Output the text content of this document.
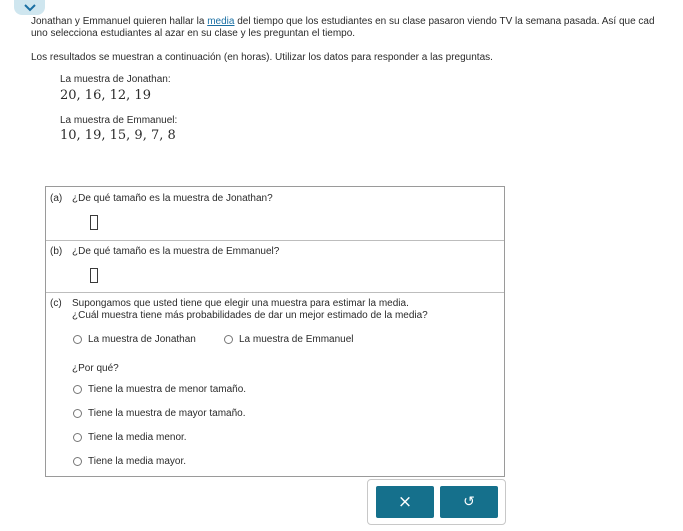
Jonathan y Emmanuel quieren hallar la media del tiempo que los estudiantes en su clase pasaron viendo TV la semana pasada. Así que cad
uno selecciona estudiantes al azar en su clase y les preguntan el tiempo.
Los resultados se muestran a continuación (en horas). Utilizar los datos para responder a las preguntas.
La muestra de Jonathan:
20, 16, 12, 19
La muestra de Emmanuel:
10, 19, 15, 9, 7, 8
(a) ¿De qué tamaño es la muestra de Jonathan?
(b) ¿De qué tamaño es la muestra de Emmanuel?
(c) Supongamos que usted tiene que elegir una muestra para estimar la media.
¿Cuál muestra tiene más probabilidades de dar un mejor estimado de la media?
La muestra de Jonathan	La muestra de Emmanuel
¿Por qué?
Tiene la muestra de menor tamaño.
Tiene la muestra de mayor tamaño.
Tiene la media menor.
Tiene la media mayor.
×	↺
